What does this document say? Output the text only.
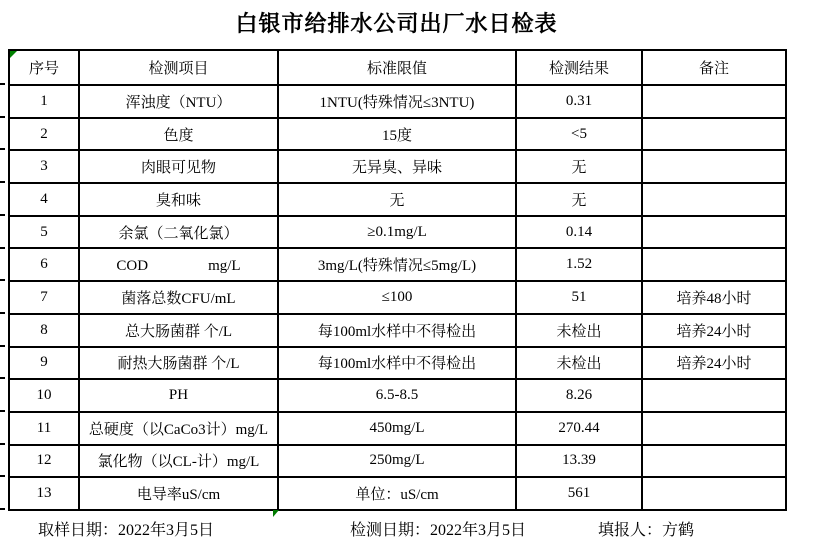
白银市给排水公司出厂水日检表
序号	检测项目	标准限值	检测结果	备注
1	浑浊度（NTU）	1NTU(特殊情况≤3NTU)	0.31	
2	色度	15度	<5	
3	肉眼可见物	无异臭、异味	无	
4	臭和味	无	无	
5	余氯（二氧化氯）	≥0.1mg/L	0.14	
6	COD　　　　mg/L	3mg/L(特殊情况≤5mg/L)	1.52	
7	菌落总数CFU/mL	≤100	51	培养48小时
8	总大肠菌群 个/L	每100ml水样中不得检出	未检出	培养24小时
9	耐热大肠菌群 个/L	每100ml水样中不得检出	未检出	培养24小时
10	PH	6.5-8.5	8.26	
11	总硬度（以CaCo3计）mg/L	450mg/L	270.44	
12	氯化物（以CL-计）mg/L	250mg/L	13.39	
13	电导率uS/cm	单位：uS/cm	561	
取样日期：2022年3月5日	检测日期：2022年3月5日	填报人：方鹤
